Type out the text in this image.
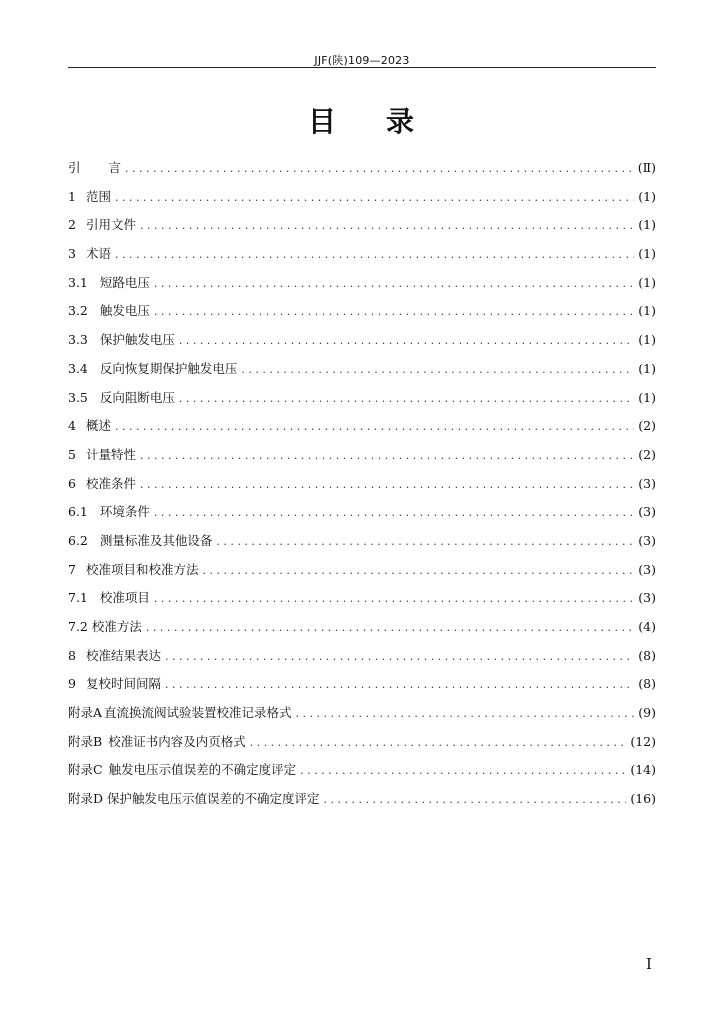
JJF(陕)109—2023
目 录
引 言 . . .	(Ⅱ)
1 范围 . . .	(1)
2 引用文件 . . .	(1)
3 术语 . . .	(1)
3.1 短路电压 . . .	(1)
3.2 触发电压 . . .	(1)
3.3 保护触发电压 . . .	(1)
3.4 反向恢复期保护触发电压 . . .	(1)
3.5 反向阻断电压 . . .	(1)
4 概述 . . .	(2)
5 计量特性 . . .	(2)
6 校准条件 . . .	(3)
6.1 环境条件 . . .	(3)
6.2 测量标准及其他设备 . . .	(3)
7 校准项目和校准方法 . . .	(3)
7.1 校准项目 . . .	(3)
7.2 校准方法 . . .	(4)
8 校准结果表达 . . .	(8)
9 复校时间间隔 . . .	(8)
附录A 直流换流阀试验装置校准记录格式 . . .	(9)
附录B 校准证书内容及内页格式 . . .	(12)
附录C 触发电压示值误差的不确定度评定 . . .	(14)
附录D 保护触发电压示值误差的不确定度评定 . . .	(16)
I
